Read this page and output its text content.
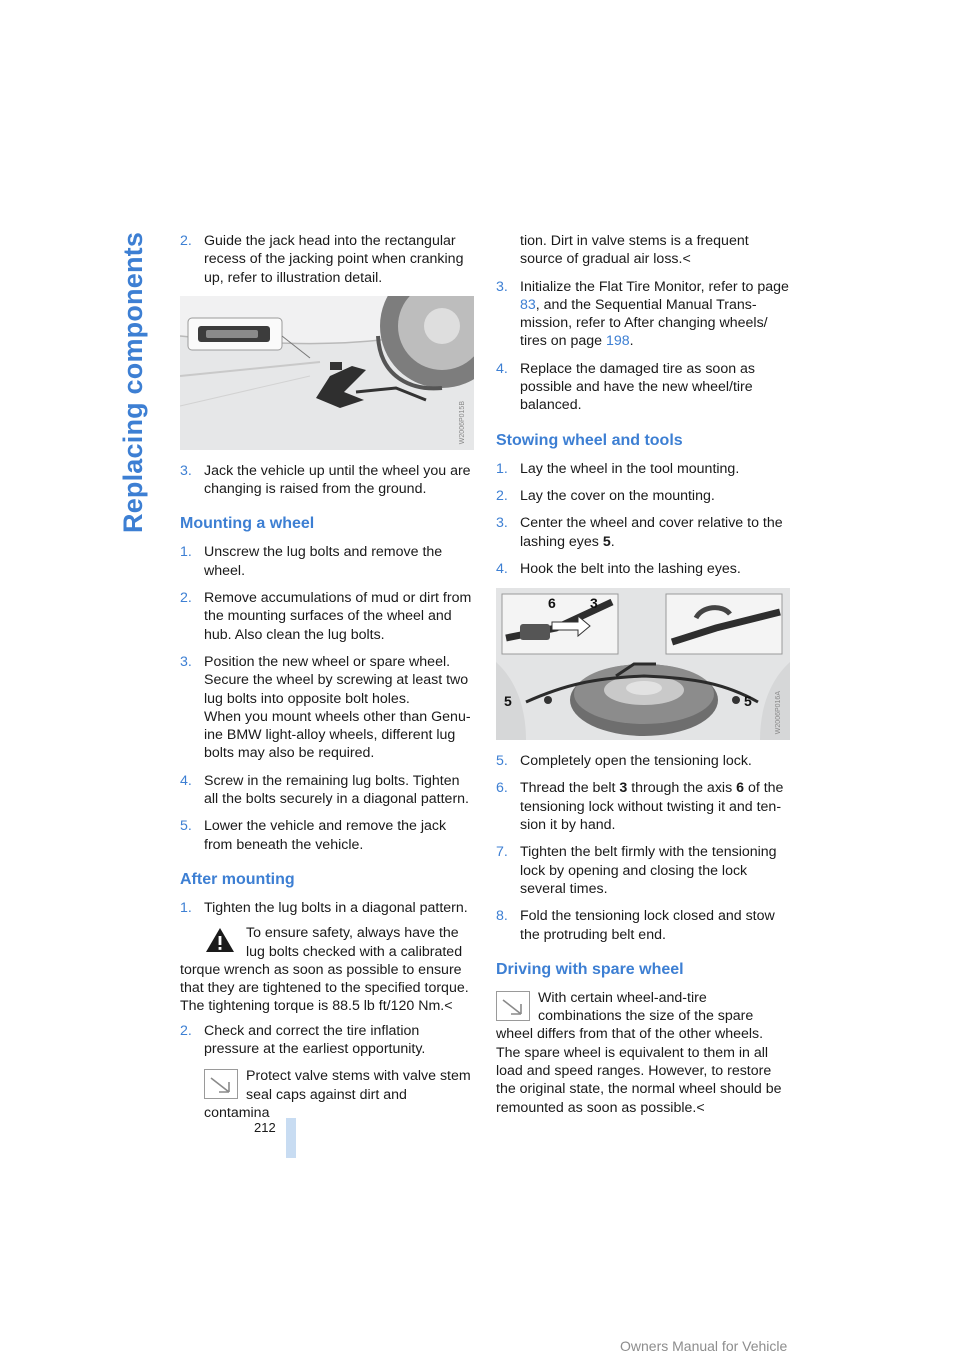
Replacing components	2. Guide the jack head into the rectangular recess of the jacking point when cranking up, refer to illustration detail.
W2006P015B
3. Jack the vehicle up until the wheel you are changing is raised from the ground.
Mounting a wheel
1. Unscrew the lug bolts and remove the wheel.
2. Remove accumulations of mud or dirt from the mounting surfaces of the wheel and hub. Also clean the lug bolts.
3. Position the new wheel or spare wheel. Secure the wheel by screwing at least two lug bolts into opposite bolt holes.
When you mount wheels other than Genuine BMW light-alloy wheels, different lug bolts may also be required.
4. Screw in the remaining lug bolts. Tighten all the bolts securely in a diagonal pattern.
5. Lower the vehicle and remove the jack from beneath the vehicle.
After mounting
1. Tighten the lug bolts in a diagonal pattern.
To ensure safety, always have the lug bolts checked with a calibrated torque wrench as soon as possible to ensure that they are tightened to the specified torque. The tightening torque is 88.5 lb ft/120 Nm.<
2. Check and correct the tire inflation pressure at the earliest opportunity.
Protect valve stems with valve stem seal caps against dirt and contamina
tion. Dirt in valve stems is a frequent source of gradual air loss.<
3. Initialize the Flat Tire Monitor, refer to page 83, and the Sequential Manual Transmission, refer to After changing wheels/ tires on page 198.
4. Replace the damaged tire as soon as possible and have the new wheel/tire balanced.
Stowing wheel and tools
1. Lay the wheel in the tool mounting.
2. Lay the cover on the mounting.
3. Center the wheel and cover relative to the lashing eyes 5.
4. Hook the belt into the lashing eyes.
6 3
5	5	W2006P016A
5. Completely open the tensioning lock.
6. Thread the belt 3 through the axis 6 of the tensioning lock without twisting it and tension it by hand.
7. Tighten the belt firmly with the tensioning lock by opening and closing the lock several times.
8. Fold the tensioning lock closed and stow the protruding belt end.
Driving with spare wheel
With certain wheel-and-tire combinations the size of the spare wheel differs from that of the other wheels. The spare wheel is equivalent to them in all load and speed ranges. However, to restore the original state, the normal wheel should be remounted as soon as possible.<
212
Owners Manual for Vehicle
